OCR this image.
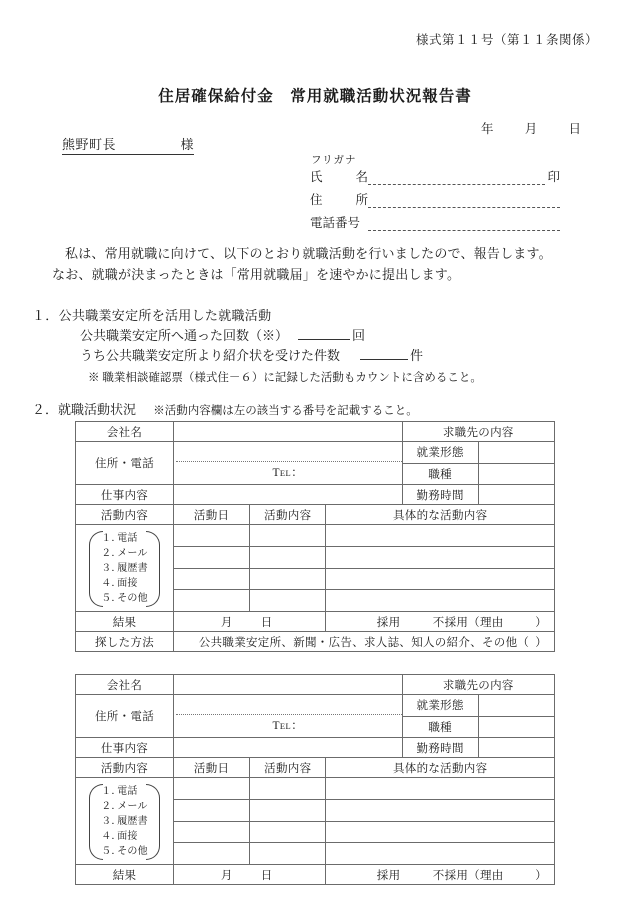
様式第１１号（第１１条関係）
住居確保給付金　常用就職活動状況報告書
年 月 日
熊野町長	様
フリガナ
氏	名	印
住	所
電話番号
私は、常用就職に向けて、以下のとおり就職活動を行いましたので、報告します。
なお、就職が決まったときは「常用就職届」を速やかに提出します。
１．公共職業安定所を活用した就職活動
公共職業安定所へ通った回数（※）	回
うち公共職業安定所より紹介状を受けた件数	件
※ 職業相談確認票（様式住－６）に記録した活動もカウントに含めること。
２．就職活動状況 ※活動内容欄は左の該当する番号を記載すること。
会社名				求職先の内容	
住所・電話	TEL：			就業形態	
				職種	
仕事内容				勤務時間	
活動内容	活動日	活動内容	具体的な活動内容		

１．電話
２．メール
３．履歴書
４．面接
５．その他					

結果	月 日		採用 不採用（理由 ）		

探した方法	公共職業安定所、新聞・広告、求人誌、知人の紹介、その他（ ）				
会社名				求職先の内容	
住所・電話	TEL：			就業形態	
				職種	
仕事内容				勤務時間	
活動内容	活動日	活動内容	具体的な活動内容		

１．電話
２．メール
３．履歴書
４．面接
５．その他					

結果	月 日		採用 不採用（理由 ）		
